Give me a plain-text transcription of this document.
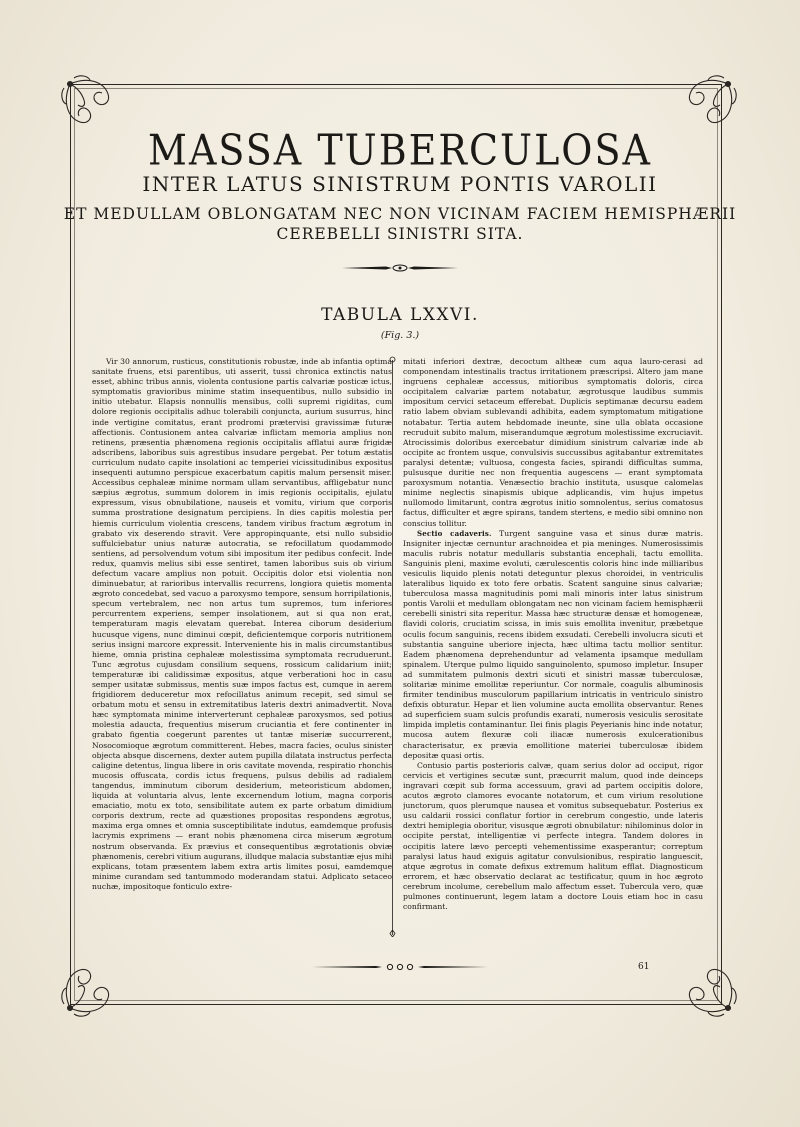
MASSA TUBERCULOSA
INTER LATUS SINISTRUM PONTIS VAROLII
ET MEDULLAM OBLONGATAM NEC NON VICINAM FACIEM HEMISPHÆRII
CEREBELLI SINISTRI SITA.
TABULA LXXVI.
(Fig. 3.)

Vir 30 annorum, rusticus, constitutionis robustæ, inde ab infantia optima sanitate fruens, etsi parentibus, uti asserit, tussi chronica extinctis natus esset, abhinc tribus annis, violenta contusione partis calvariæ posticæ ictus, symptomatis gravioribus minime statim insequentibus, nullo subsidio in initio utebatur. Elapsis nonnullis mensibus, colli supremi rigiditas, cum dolore regionis occipitalis adhuc tolerabili conjuncta, aurium susurrus, hinc inde vertigine comitatus, erant prodromi prætervisi gravissimæ futuræ affectionis. Contusionem antea calvariæ inflictam memoria amplius non retinens, præsentia phænomena regionis occipitalis afflatui auræ frigidæ adscribens, laboribus suis agrestibus insudare pergebat. Per totum æstatis curriculum nudato capite insolationi ac temperiei vicissitudinibus expositus insequenti autumno perspicue exacerbatum capitis malum persensit miser. Accessibus cephaleæ minime normam ullam servantibus, affligebatur nunc sæpius ægrotus, summum dolorem in imis regionis occipitalis, ejulatu expressum, visus obnubilatione, nauseis et vomitu, virium que corporis summa prostratione designatum percipiens. In dies capitis molestia per hiemis curriculum violentia crescens, tandem viribus fractum ægrotum in grabato vix deserendo stravit. Vere appropinquante, etsi nullo subsidio suffulciebatur unius naturæ autocratia, se refocillatum quodammodo sentiens, ad persolvendum votum sibi impositum iter pedibus confecit. Inde redux, quamvis melius sibi esse sentiret, tamen laboribus suis ob virium defectum vacare amplius non potuit. Occipitis dolor etsi violentia non diminuebatur, at rarioribus intervallis recurrens, longiora quietis momenta ægroto concedebat, sed vacuo a paroxysmo tempore, sensum horripilationis, specum vertebralem, nec non artus tum supremos, tum inferiores percurrentem experiens, semper insolationem, aut si qua non erat, temperaturam magis elevatam querebat. Interea ciborum desiderium hucusque vigens, nunc diminui cœpit, deficientemque corporis nutritionem serius insigni marcore expressit. Interveniente his in malis circumstantibus hieme, omnia pristina cephaleæ molestissima symptomata recruduerunt. Tunc ægrotus cujusdam consilium sequens, rossicum calidarium iniit; temperaturæ ibi calidissimæ expositus, atque verberationi hoc in casu semper usitatæ submissus, mentis suæ impos factus est, cumque in aerem frigidiorem deduceretur mox refocillatus animum recepit, sed simul se orbatum motu et sensu in extremitatibus lateris dextri animadvertit. Nova hæc symptomata minime interverterunt cephaleæ paroxysmos, sed potius molestia adaucta, frequentius miserum cruciantia et fere continenter in grabato figentia coegerunt parentes ut tantæ miseriæ succurrerent, Nosocomioque ægrotum committerent. Hebes, macra facies, oculus sinister objecta absque discernens, dexter autem pupilla dilatata instructus perfecta caligine detentus, lingua libere in oris cavitate movenda, respiratio rhonchis mucosis offuscata, cordis ictus frequens, pulsus debilis ad radialem tangendus, imminutum ciborum desiderium, meteoristicum abdomen, liquida at voluntaria alvus, lente excernendum lotium, magna corporis emaciatio, motu ex toto, sensibilitate autem ex parte orbatum dimidium corporis dextrum, recte ad quæstiones propositas respondens ægrotus, maxima erga omnes et omnia susceptibilitate indutus, eamdemque profusis lacrymis exprimens — erant nobis phænomena circa miserum ægrotum nostrum observanda. Ex prævius et consequentibus ægrotationis obviæ phænomenis, cerebri vitium augurans, illudque malacia substantiæ ejus mihi explicans, totam præsentem labem extra artis limites posui, eamdemque minime curandam sed tantummodo moderandam statui. Adplicato setaceo nuchæ, impositoque fonticulo extre-

mitati inferiori dextræ, decoctum altheæ cum aqua lauro-cerasi ad componendam intestinalis tractus irritationem præscripsi. Altero jam mane ingruens cephaleæ accessus, mitioribus symptomatis doloris, circa occipitalem calvariæ partem notabatur, ægrotusque laudibus summis impositum cervici setaceum efferebat. Duplicis septimanæ decursu eadem ratio labem obviam sublevandi adhibita, eadem symptomatum mitigatione notabatur. Tertia autem hebdomade ineunte, sine ulla oblata occasione recruduit subito malum, miserandumque ægrotum molestissime excruciavit. Atrocissimis doloribus exercebatur dimidium sinistrum calvariæ inde ab occipite ac frontem usque, convulsivis succussibus agitabantur extremitates paralysi detentæ; vultuosa, congesta facies, spirandi difficultas summa, pulsusque duritie nec non frequentia augescens — erant symptomata paroxysmum notantia. Venæsectio brachio instituta, ususque calomelas minime neglectis sinapismis ubique adplicandis, vim hujus impetus nullomodo limitarunt, contra ægrotus initio somnolentus, serius comatosus factus, difficulter et ægre spirans, tandem stertens, e medio sibi omnino non conscius tollitur.

Sectio cadaveris. Turgent sanguine vasa et sinus duræ matris. Insigniter injectæ cernuntur arachnoidea et pia meninges. Numerosissimis maculis rubris notatur medullaris substantia encephali, tactu emollita. Sanguinis pleni, maxime evoluti, cærulescentis coloris hinc inde milliaribus vesiculis liquido plenis notati deteguntur plexus choroidei, in ventriculis lateralibus liquido ex toto fere orbatis. Scatent sanguine sinus calvariæ; tuberculosa massa magnitudinis pomi mali minoris inter latus sinistrum pontis Varolii et medullam oblongatam nec non vicinam faciem hemisphærii cerebelli sinistri sita reperitur. Massa hæc structuræ densæ et homogeneæ, flavidi coloris, cruciatim scissa, in imis suis emollita invenitur, præbetque oculis focum sanguinis, recens ibidem exsudati. Cerebelli involucra sicuti et substantia sanguine uberiore injecta, hæc ultima tactu mollior sentitur. Eadem phænomena deprehenduntur ad velamenta ipsamque medullam spinalem. Uterque pulmo liquido sanguinolento, spumoso impletur. Insuper ad summitatem pulmonis dextri sicuti et sinistri massæ tuberculosæ, solitariæ minime emollitæ reperiuntur. Cor normale, coagulis albuminosis firmiter tendinibus musculorum papillarium intricatis in ventriculo sinistro defixis obturatur. Hepar et lien volumine aucta emollita observantur. Renes ad superficiem suam sulcis profundis exarati, numerosis vesiculis serositate limpida impletis contaminantur. Ilei finis plagis Peyerianis hinc inde notatur, mucosa autem flexuræ coli iliacæ numerosis exulcerationibus characterisatur, ex prævia emollitione materiei tuberculosæ ibidem depositæ quasi ortis.

Contusio partis posterioris calvæ, quam serius dolor ad occiput, rigor cervicis et vertigines secutæ sunt, præcurrit malum, quod inde deinceps ingravari cœpit sub forma accessuum, gravi ad partem occipitis dolore, acutos ægroto clamores evocante notatorum, et cum virium resolutione junctorum, quos plerumque nausea et vomitus subsequebatur. Posterius ex usu caldarii rossici conflatur fortior in cerebrum congestio, unde lateris dextri hemiplegia oboritur, visusque ægroti obnubilatur: nihilominus dolor in occipite perstat, intelligentiæ vi perfecte integra. Tandem dolores in occipitis latere lævo percepti vehementissime exasperantur; correptum paralysi latus haud exiguis agitatur convulsionibus, respiratio languescit, atque ægrotus in comate defixus extremum halitum efflat. Diagnosticum errorem, et hæc observatio declarat ac testificatur, quum in hoc ægroto cerebrum incolume, cerebellum malo affectum esset. Tubercula vero, quæ pulmones continuerunt, legem latam a doctore Louis etiam hoc in casu confirmant.

61
